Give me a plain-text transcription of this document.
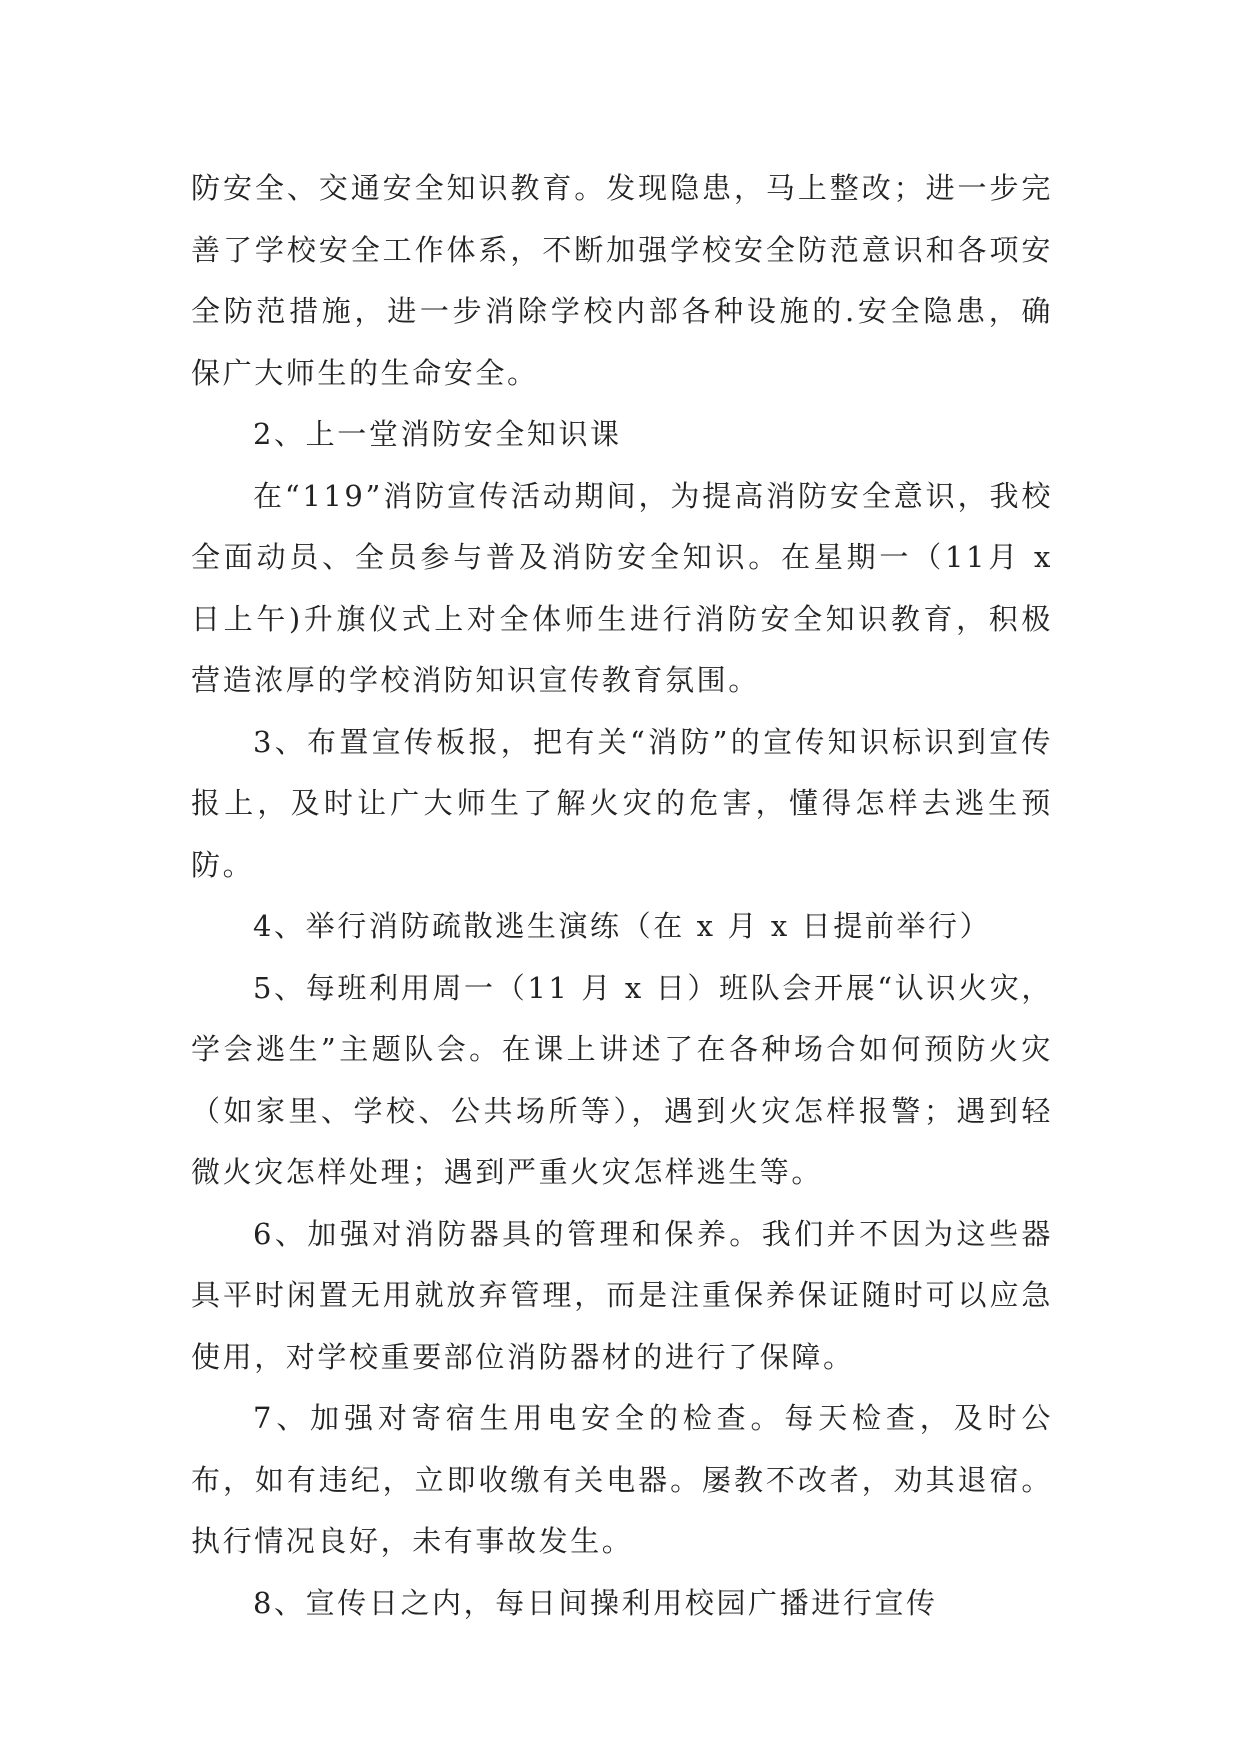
防安全、交通安全知识教育。发现隐患，马上整改；进一步完善了学校安全工作体系，不断加强学校安全防范意识和各项安全防范措施，进一步消除学校内部各种设施的.安全隐患，确保广大师生的生命安全。

2、上一堂消防安全知识课

在“119”消防宣传活动期间，为提高消防安全意识，我校全面动员、全员参与普及消防安全知识。在星期一（11月 x 日上午)升旗仪式上对全体师生进行消防安全知识教育，积极营造浓厚的学校消防知识宣传教育氛围。

3、布置宣传板报，把有关“消防”的宣传知识标识到宣传报上，及时让广大师生了解火灾的危害，懂得怎样去逃生预防。

4、举行消防疏散逃生演练（在 x 月 x 日提前举行）

5、每班利用周一（11 月 x 日）班队会开展“认识火灾，学会逃生”主题队会。在课上讲述了在各种场合如何预防火灾（如家里、学校、公共场所等），遇到火灾怎样报警；遇到轻微火灾怎样处理；遇到严重火灾怎样逃生等。

6、加强对消防器具的管理和保养。我们并不因为这些器具平时闲置无用就放弃管理，而是注重保养保证随时可以应急使用，对学校重要部位消防器材的进行了保障。

7、加强对寄宿生用电安全的检查。每天检查，及时公布，如有违纪，立即收缴有关电器。屡教不改者，劝其退宿。执行情况良好，未有事故发生。

8、宣传日之内，每日间操利用校园广播进行宣传
